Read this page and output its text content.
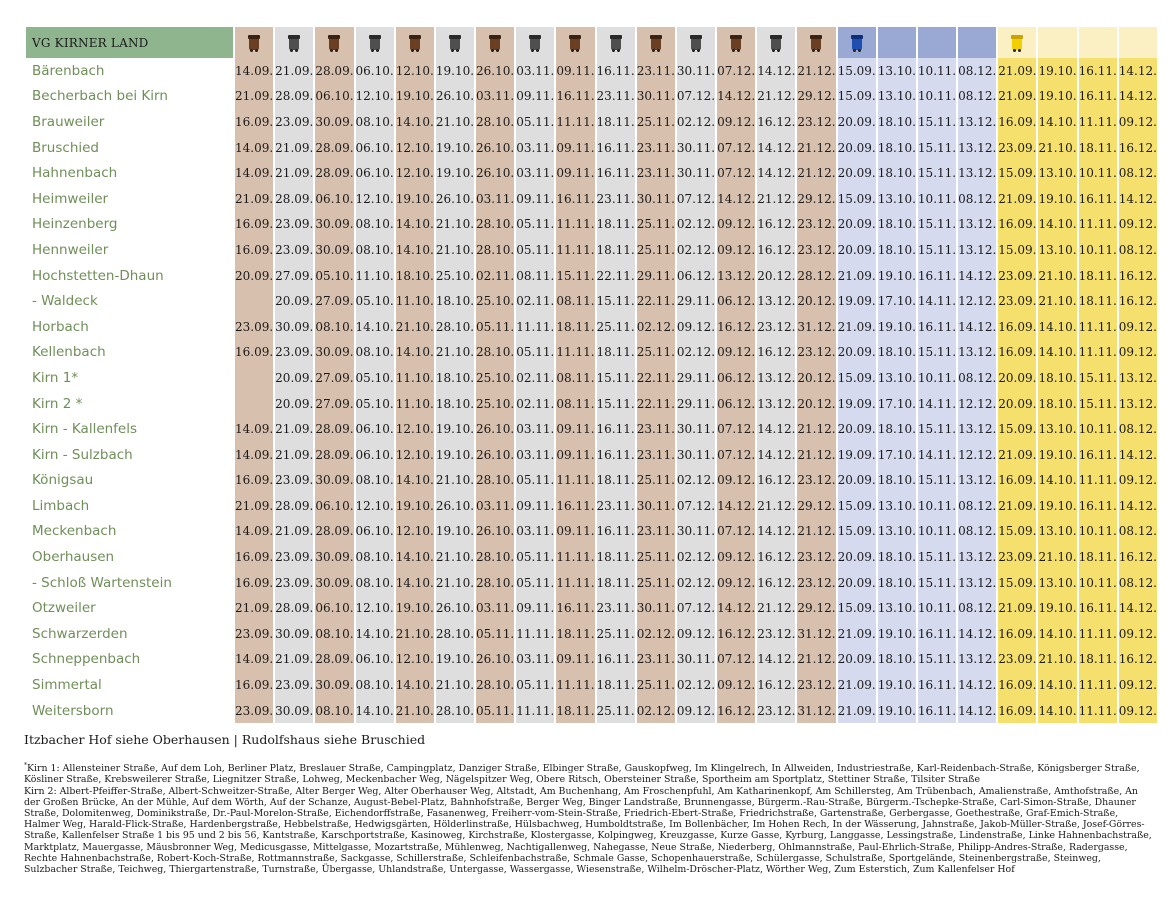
VG KIRNER LAND	

Bärenbach	14.09.	21.09.	28.09.	06.10.	12.10.	19.10.	26.10.	03.11.	09.11.	16.11.	23.11.	30.11.	07.12.	14.12.	21.12.	15.09.	13.10.	10.11.	08.12.	21.09.	19.10.	16.11.	14.12.
Becherbach bei Kirn	21.09.	28.09.	06.10.	12.10.	19.10.	26.10.	03.11.	09.11.	16.11.	23.11.	30.11.	07.12.	14.12.	21.12.	29.12.	15.09.	13.10.	10.11.	08.12.	21.09.	19.10.	16.11.	14.12.
Brauweiler	16.09.	23.09.	30.09.	08.10.	14.10.	21.10.	28.10.	05.11.	11.11.	18.11.	25.11.	02.12.	09.12.	16.12.	23.12.	20.09.	18.10.	15.11.	13.12.	16.09.	14.10.	11.11.	09.12.
Bruschied	14.09.	21.09.	28.09.	06.10.	12.10.	19.10.	26.10.	03.11.	09.11.	16.11.	23.11.	30.11.	07.12.	14.12.	21.12.	20.09.	18.10.	15.11.	13.12.	23.09.	21.10.	18.11.	16.12.
Hahnenbach	14.09.	21.09.	28.09.	06.10.	12.10.	19.10.	26.10.	03.11.	09.11.	16.11.	23.11.	30.11.	07.12.	14.12.	21.12.	20.09.	18.10.	15.11.	13.12.	15.09.	13.10.	10.11.	08.12.
Heimweiler	21.09.	28.09.	06.10.	12.10.	19.10.	26.10.	03.11.	09.11.	16.11.	23.11.	30.11.	07.12.	14.12.	21.12.	29.12.	15.09.	13.10.	10.11.	08.12.	21.09.	19.10.	16.11.	14.12.
Heinzenberg	16.09.	23.09.	30.09.	08.10.	14.10.	21.10.	28.10.	05.11.	11.11.	18.11.	25.11.	02.12.	09.12.	16.12.	23.12.	20.09.	18.10.	15.11.	13.12.	16.09.	14.10.	11.11.	09.12.
Hennweiler	16.09.	23.09.	30.09.	08.10.	14.10.	21.10.	28.10.	05.11.	11.11.	18.11.	25.11.	02.12.	09.12.	16.12.	23.12.	20.09.	18.10.	15.11.	13.12.	15.09.	13.10.	10.11.	08.12.
Hochstetten-Dhaun	20.09.	27.09.	05.10.	11.10.	18.10.	25.10.	02.11.	08.11.	15.11.	22.11.	29.11.	06.12.	13.12.	20.12.	28.12.	21.09.	19.10.	16.11.	14.12.	23.09.	21.10.	18.11.	16.12.
- Waldeck		20.09.	27.09.	05.10.	11.10.	18.10.	25.10.	02.11.	08.11.	15.11.	22.11.	29.11.	06.12.	13.12.	20.12.	19.09.	17.10.	14.11.	12.12.	23.09.	21.10.	18.11.	16.12.
Horbach	23.09.	30.09.	08.10.	14.10.	21.10.	28.10.	05.11.	11.11.	18.11.	25.11.	02.12.	09.12.	16.12.	23.12.	31.12.	21.09.	19.10.	16.11.	14.12.	16.09.	14.10.	11.11.	09.12.
Kellenbach	16.09.	23.09.	30.09.	08.10.	14.10.	21.10.	28.10.	05.11.	11.11.	18.11.	25.11.	02.12.	09.12.	16.12.	23.12.	20.09.	18.10.	15.11.	13.12.	16.09.	14.10.	11.11.	09.12.
Kirn 1*		20.09.	27.09.	05.10.	11.10.	18.10.	25.10.	02.11.	08.11.	15.11.	22.11.	29.11.	06.12.	13.12.	20.12.	15.09.	13.10.	10.11.	08.12.	20.09.	18.10.	15.11.	13.12.
Kirn 2 *		20.09.	27.09.	05.10.	11.10.	18.10.	25.10.	02.11.	08.11.	15.11.	22.11.	29.11.	06.12.	13.12.	20.12.	19.09.	17.10.	14.11.	12.12.	20.09.	18.10.	15.11.	13.12.
Kirn - Kallenfels	14.09.	21.09.	28.09.	06.10.	12.10.	19.10.	26.10.	03.11.	09.11.	16.11.	23.11.	30.11.	07.12.	14.12.	21.12.	20.09.	18.10.	15.11.	13.12.	15.09.	13.10.	10.11.	08.12.
Kirn - Sulzbach	14.09.	21.09.	28.09.	06.10.	12.10.	19.10.	26.10.	03.11.	09.11.	16.11.	23.11.	30.11.	07.12.	14.12.	21.12.	19.09.	17.10.	14.11.	12.12.	21.09.	19.10.	16.11.	14.12.
Königsau	16.09.	23.09.	30.09.	08.10.	14.10.	21.10.	28.10.	05.11.	11.11.	18.11.	25.11.	02.12.	09.12.	16.12.	23.12.	20.09.	18.10.	15.11.	13.12.	16.09.	14.10.	11.11.	09.12.
Limbach	21.09.	28.09.	06.10.	12.10.	19.10.	26.10.	03.11.	09.11.	16.11.	23.11.	30.11.	07.12.	14.12.	21.12.	29.12.	15.09.	13.10.	10.11.	08.12.	21.09.	19.10.	16.11.	14.12.
Meckenbach	14.09.	21.09.	28.09.	06.10.	12.10.	19.10.	26.10.	03.11.	09.11.	16.11.	23.11.	30.11.	07.12.	14.12.	21.12.	15.09.	13.10.	10.11.	08.12.	15.09.	13.10.	10.11.	08.12.
Oberhausen	16.09.	23.09.	30.09.	08.10.	14.10.	21.10.	28.10.	05.11.	11.11.	18.11.	25.11.	02.12.	09.12.	16.12.	23.12.	20.09.	18.10.	15.11.	13.12.	23.09.	21.10.	18.11.	16.12.
- Schloß Wartenstein	16.09.	23.09.	30.09.	08.10.	14.10.	21.10.	28.10.	05.11.	11.11.	18.11.	25.11.	02.12.	09.12.	16.12.	23.12.	20.09.	18.10.	15.11.	13.12.	15.09.	13.10.	10.11.	08.12.
Otzweiler	21.09.	28.09.	06.10.	12.10.	19.10.	26.10.	03.11.	09.11.	16.11.	23.11.	30.11.	07.12.	14.12.	21.12.	29.12.	15.09.	13.10.	10.11.	08.12.	21.09.	19.10.	16.11.	14.12.
Schwarzerden	23.09.	30.09.	08.10.	14.10.	21.10.	28.10.	05.11.	11.11.	18.11.	25.11.	02.12.	09.12.	16.12.	23.12.	31.12.	21.09.	19.10.	16.11.	14.12.	16.09.	14.10.	11.11.	09.12.
Schneppenbach	14.09.	21.09.	28.09.	06.10.	12.10.	19.10.	26.10.	03.11.	09.11.	16.11.	23.11.	30.11.	07.12.	14.12.	21.12.	20.09.	18.10.	15.11.	13.12.	23.09.	21.10.	18.11.	16.12.
Simmertal	16.09.	23.09.	30.09.	08.10.	14.10.	21.10.	28.10.	05.11.	11.11.	18.11.	25.11.	02.12.	09.12.	16.12.	23.12.	21.09.	19.10.	16.11.	14.12.	16.09.	14.10.	11.11.	09.12.
Weitersborn	23.09.	30.09.	08.10.	14.10.	21.10.	28.10.	05.11.	11.11.	18.11.	25.11.	02.12.	09.12.	16.12.	23.12.	31.12.	21.09.	19.10.	16.11.	14.12.	16.09.	14.10.	11.11.	09.12.
Itzbacher Hof siehe Oberhausen | Rudolfshaus siehe Bruschied

*Kirn 1: Allensteiner Straße, Auf dem Loh, Berliner Platz, Breslauer Straße, Campingplatz, Danziger Straße, Elbinger Straße, Gauskopfweg, Im Klingelrech, In Allweiden, Industriestraße, Karl-Reidenbach-Straße, Königsberger Straße, Kösliner Straße, Krebsweilerer Straße, Liegnitzer Straße, Lohweg, Meckenbacher Weg, Nägelspitzer Weg, Obere Ritsch, Obersteiner Straße, Sportheim am Sportplatz, Stettiner Straße, Tilsiter Straße

Kirn 2: Albert-Pfeiffer-Straße, Albert-Schweitzer-Straße, Alter Berger Weg, Alter Oberhauser Weg, Altstadt, Am Buchenhang, Am Froschenpfuhl, Am Katharinenkopf, Am Schillersteg, Am Trübenbach, Amalienstraße, Amthofstraße, An der Großen Brücke, An der Mühle, Auf dem Wörth, Auf der Schanze, August-Bebel-Platz, Bahnhofstraße, Berger Weg, Binger Landstraße, Brunnengasse, Bürgerm.-Rau-Straße, Bürgerm.-Tschepke-Straße, Carl-Simon-Straße, Dhauner Straße, Dolomitenweg, Dominikstraße, Dr.-Paul-Morelon-Straße, Eichendorffstraße, Fasanenweg, Freiherr-vom-Stein-Straße, Friedrich-Ebert-Straße, Friedrichstraße, Gartenstraße, Gerbergasse, Goethestraße, Graf-Emich-Straße, Halmer Weg, Harald-Flick-Straße, Hardenbergstraße, Hebbelstraße, Hedwigsgärten, Hölderlinstraße, Hülsbachweg, Humboldtstraße, Im Bollenbächer, Im Hohen Rech, In der Wässerung, Jahnstraße, Jakob-Müller-Straße, Josef-Görres-Straße, Kallenfelser Straße 1 bis 95 und 2 bis 56, Kantstraße, Karschportstraße, Kasinoweg, Kirchstraße, Klostergasse, Kolpingweg, Kreuzgasse, Kurze Gasse, Kyrburg, Langgasse, Lessingstraße, Lindenstraße, Linke Hahnenbachstraße, Marktplatz, Mauergasse, Mäusbronner Weg, Medicusgasse, Mittelgasse, Mozartstraße, Mühlenweg, Nachtigallenweg, Nahegasse, Neue Straße, Niederberg, Ohlmannstraße, Paul-Ehrlich-Straße, Philipp-Andres-Straße, Radergasse, Rechte Hahnenbachstraße, Robert-Koch-Straße, Rottmannstraße, Sackgasse, Schillerstraße, Schleifenbachstraße, Schmale Gasse, Schopenhauerstraße, Schülergasse, Schulstraße, Sportgelände, Steinenbergstraße, Steinweg, Sulzbacher Straße, Teichweg, Thiergartenstraße, Turnstraße, Übergasse, Uhlandstraße, Untergasse, Wassergasse, Wiesenstraße, Wilhelm-Dröscher-Platz, Wörther Weg, Zum Esterstich, Zum Kallenfelser Hof
